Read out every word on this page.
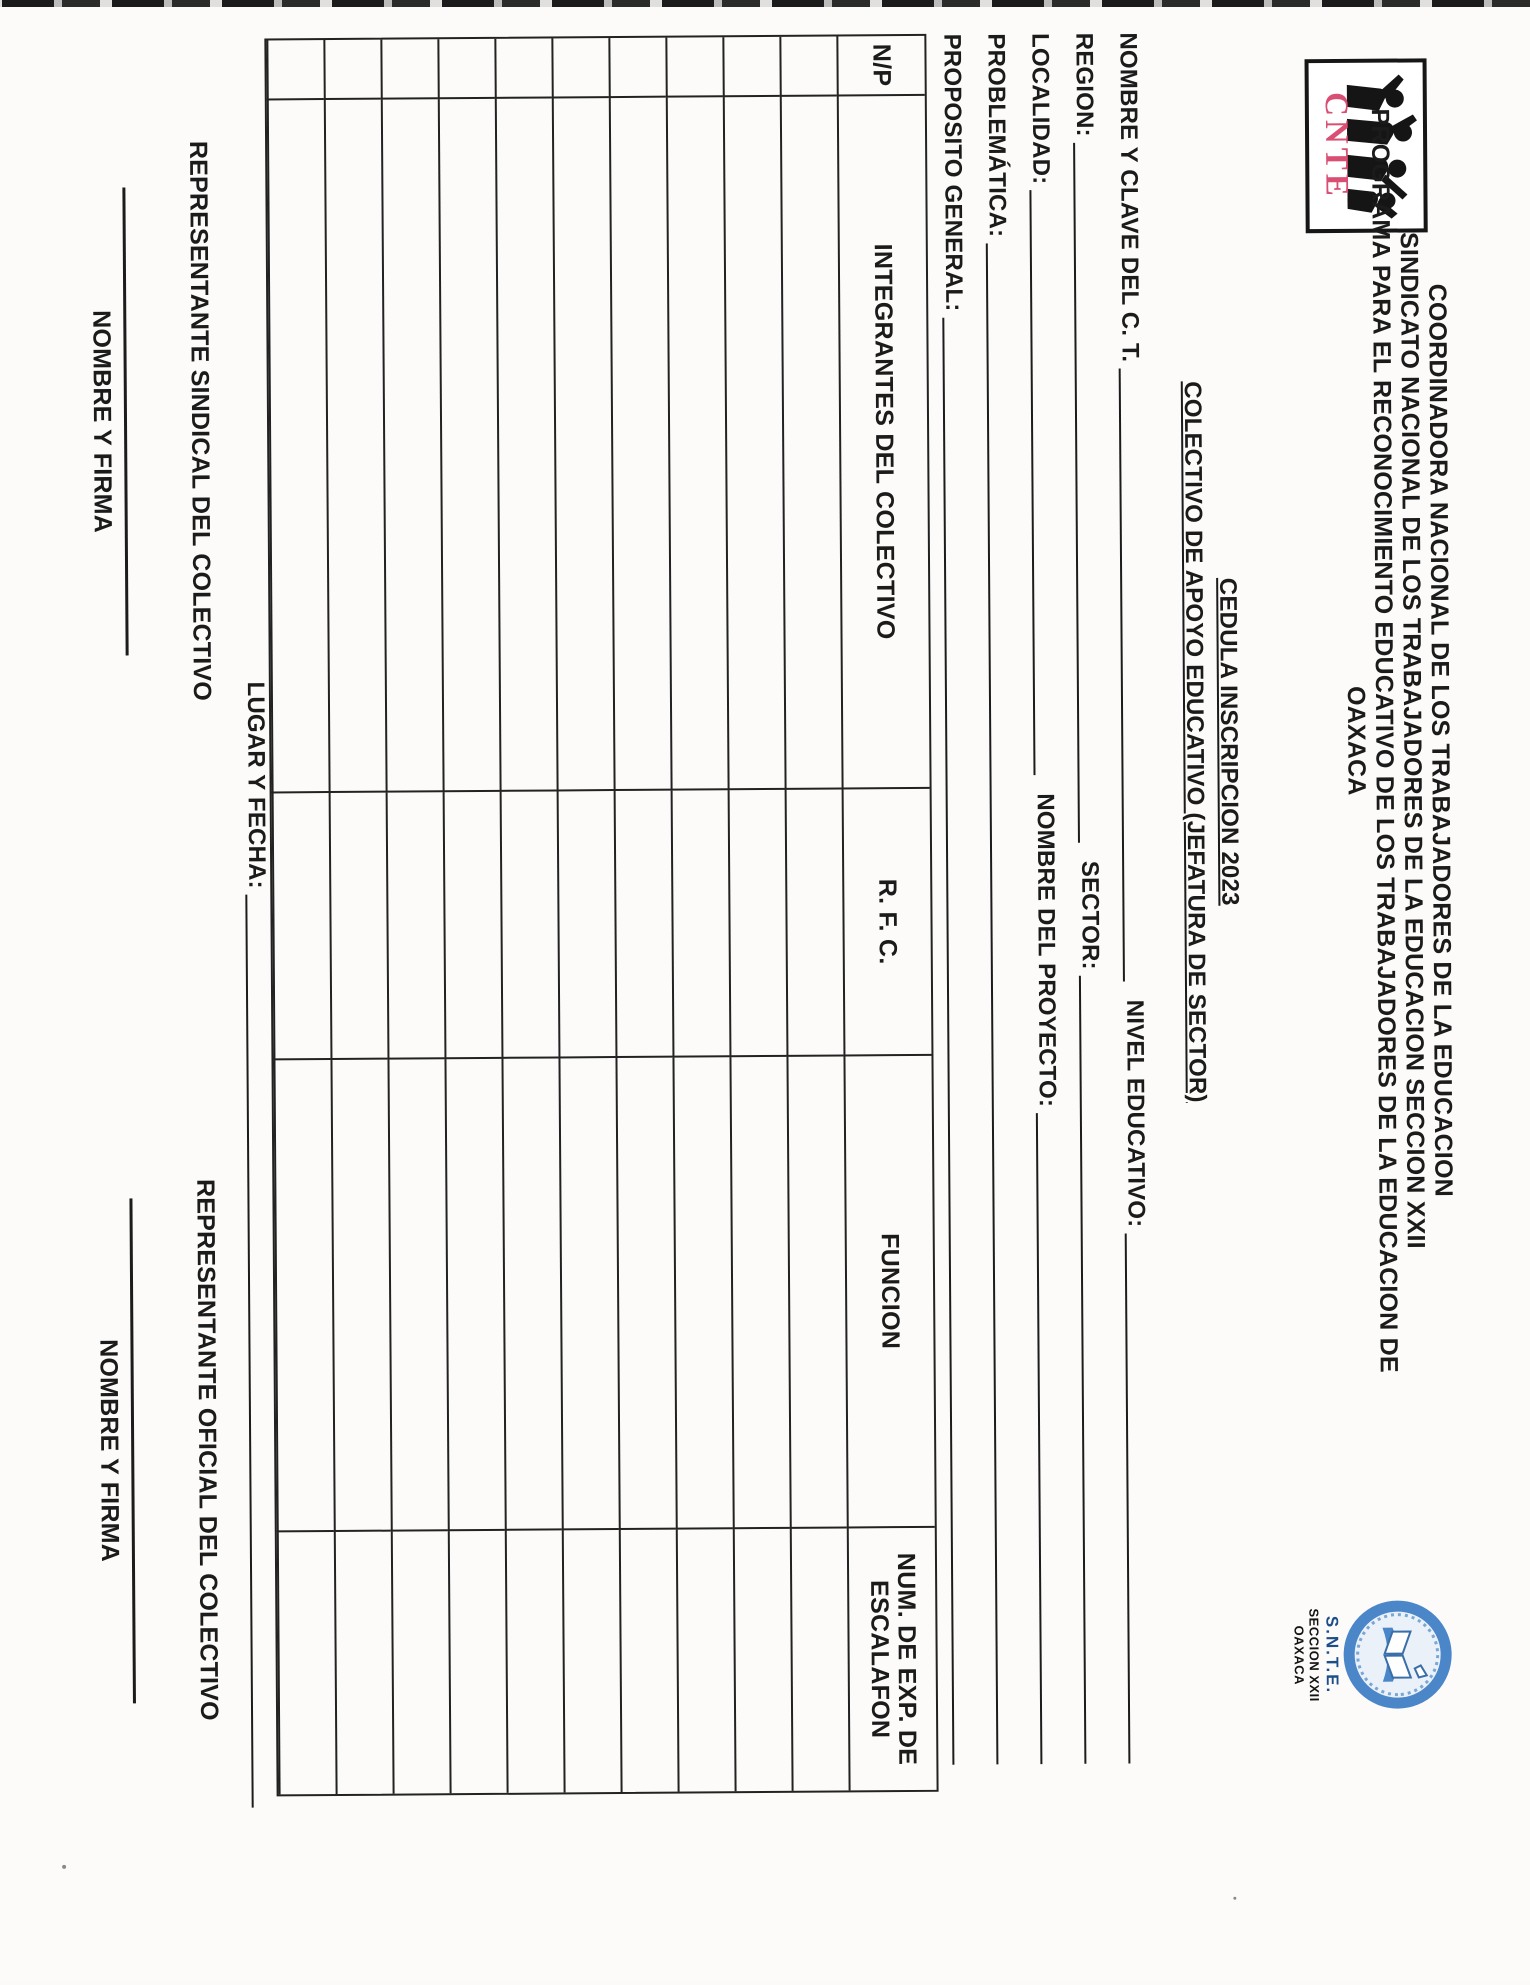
CNTE
COORDINADORA NACIONAL DE LOS TRABAJADORES DE LA EDUCACION
SINDICATO NACIONAL DE LOS TRABAJADORES DE LA EDUCACION SECCION XXII
PROGRAMA PARA EL RECONOCIMIENTO EDUCATIVO DE LOS TRABAJADORES DE LA EDUCACION DE
OAXACA
S.N.T.E.
SECCION XXII
OAXACA
CEDULA INSCRIPCION 2023
COLECTIVO DE APOYO EDUCATIVO (JEFATURA DE SECTOR)
NOMBRE Y CLAVE DEL C. T.
NIVEL EDUCATIVO:
REGION:
SECTOR:
LOCALIDAD:
NOMBRE DEL PROYECTO:
PROBLEMÁTICA:
PROPOSITO GENERAL:
N/P
INTEGRANTES DEL COLECTIVO
R. F. C.
FUNCION
NUM. DE EXP. DE
ESCALAFON
LUGAR Y FECHA:
REPRESENTANTE SINDICAL DEL COLECTIVO
NOMBRE Y FIRMA
REPRESENTANTE OFICIAL DEL COLECTIVO
NOMBRE Y FIRMA
